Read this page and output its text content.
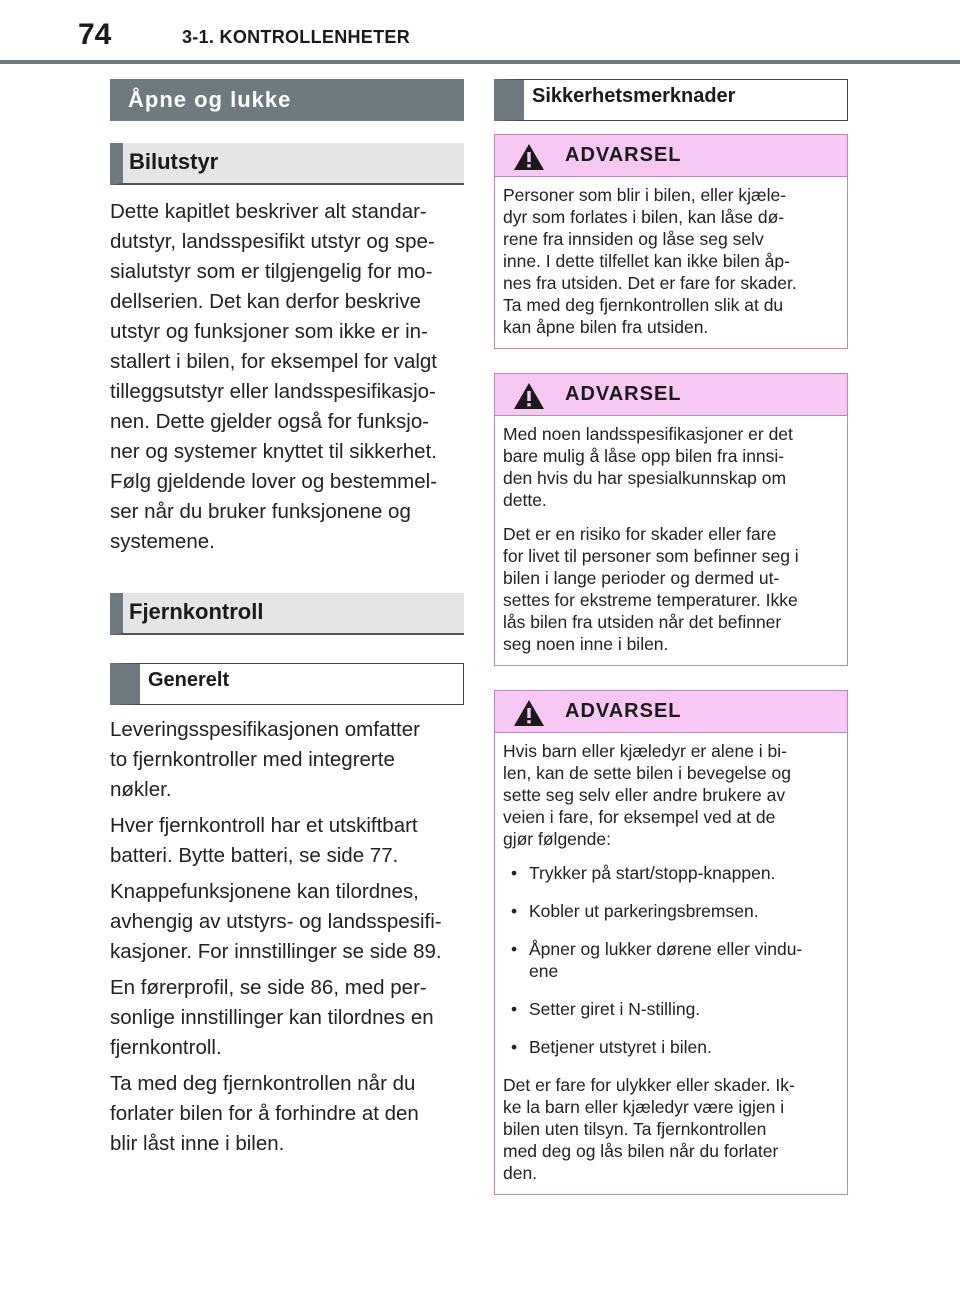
74	3-1. KONTROLLENHETER
Åpne og lukke
Bilutstyr
Dette kapitlet beskriver alt standar-
dutstyr, landsspesifikt utstyr og spe-
sialutstyr som er tilgjengelig for mo-
dellserien. Det kan derfor beskrive
utstyr og funksjoner som ikke er in-
stallert i bilen, for eksempel for valgt
tilleggsutstyr eller landsspesifikasjo-
nen. Dette gjelder også for funksjo-
ner og systemer knyttet til sikkerhet.
Følg gjeldende lover og bestemmel-
ser når du bruker funksjonene og
systemene.
Fjernkontroll
Generelt

Leveringsspesifikasjonen omfatter
to fjernkontroller med integrerte
nøkler.

Hver fjernkontroll har et utskiftbart
batteri. Bytte batteri, se side 77.

Knappefunksjonene kan tilordnes,
avhengig av utstyrs- og landsspesifi-
kasjoner. For innstillinger se side 89.

En førerprofil, se side 86, med per-
sonlige innstillinger kan tilordnes en
fjernkontroll.

Ta med deg fjernkontrollen når du
forlater bilen for å forhindre at den
blir låst inne i bilen.

Sikkerhetsmerknader
ADVARSEL

Personer som blir i bilen, eller kjæle-
dyr som forlates i bilen, kan låse dø-
rene fra innsiden og låse seg selv
inne. I dette tilfellet kan ikke bilen åp-
nes fra utsiden. Det er fare for skader.
Ta med deg fjernkontrollen slik at du
kan åpne bilen fra utsiden.

ADVARSEL

Med noen landsspesifikasjoner er det
bare mulig å låse opp bilen fra innsi-
den hvis du har spesialkunnskap om
dette.

Det er en risiko for skader eller fare
for livet til personer som befinner seg i
bilen i lange perioder og dermed ut-
settes for ekstreme temperaturer. Ikke
lås bilen fra utsiden når det befinner
seg noen inne i bilen.

ADVARSEL

Hvis barn eller kjæledyr er alene i bi-
len, kan de sette bilen i bevegelse og
sette seg selv eller andre brukere av
veien i fare, for eksempel ved at de
gjør følgende:

• Trykker på start/stopp-knappen.
• Kobler ut parkeringsbremsen.
• Åpner og lukker dørene eller vindu-
ene
• Setter giret i N-stilling.
• Betjener utstyret i bilen.

Det er fare for ulykker eller skader. Ik-
ke la barn eller kjæledyr være igjen i
bilen uten tilsyn. Ta fjernkontrollen
med deg og lås bilen når du forlater
den.
